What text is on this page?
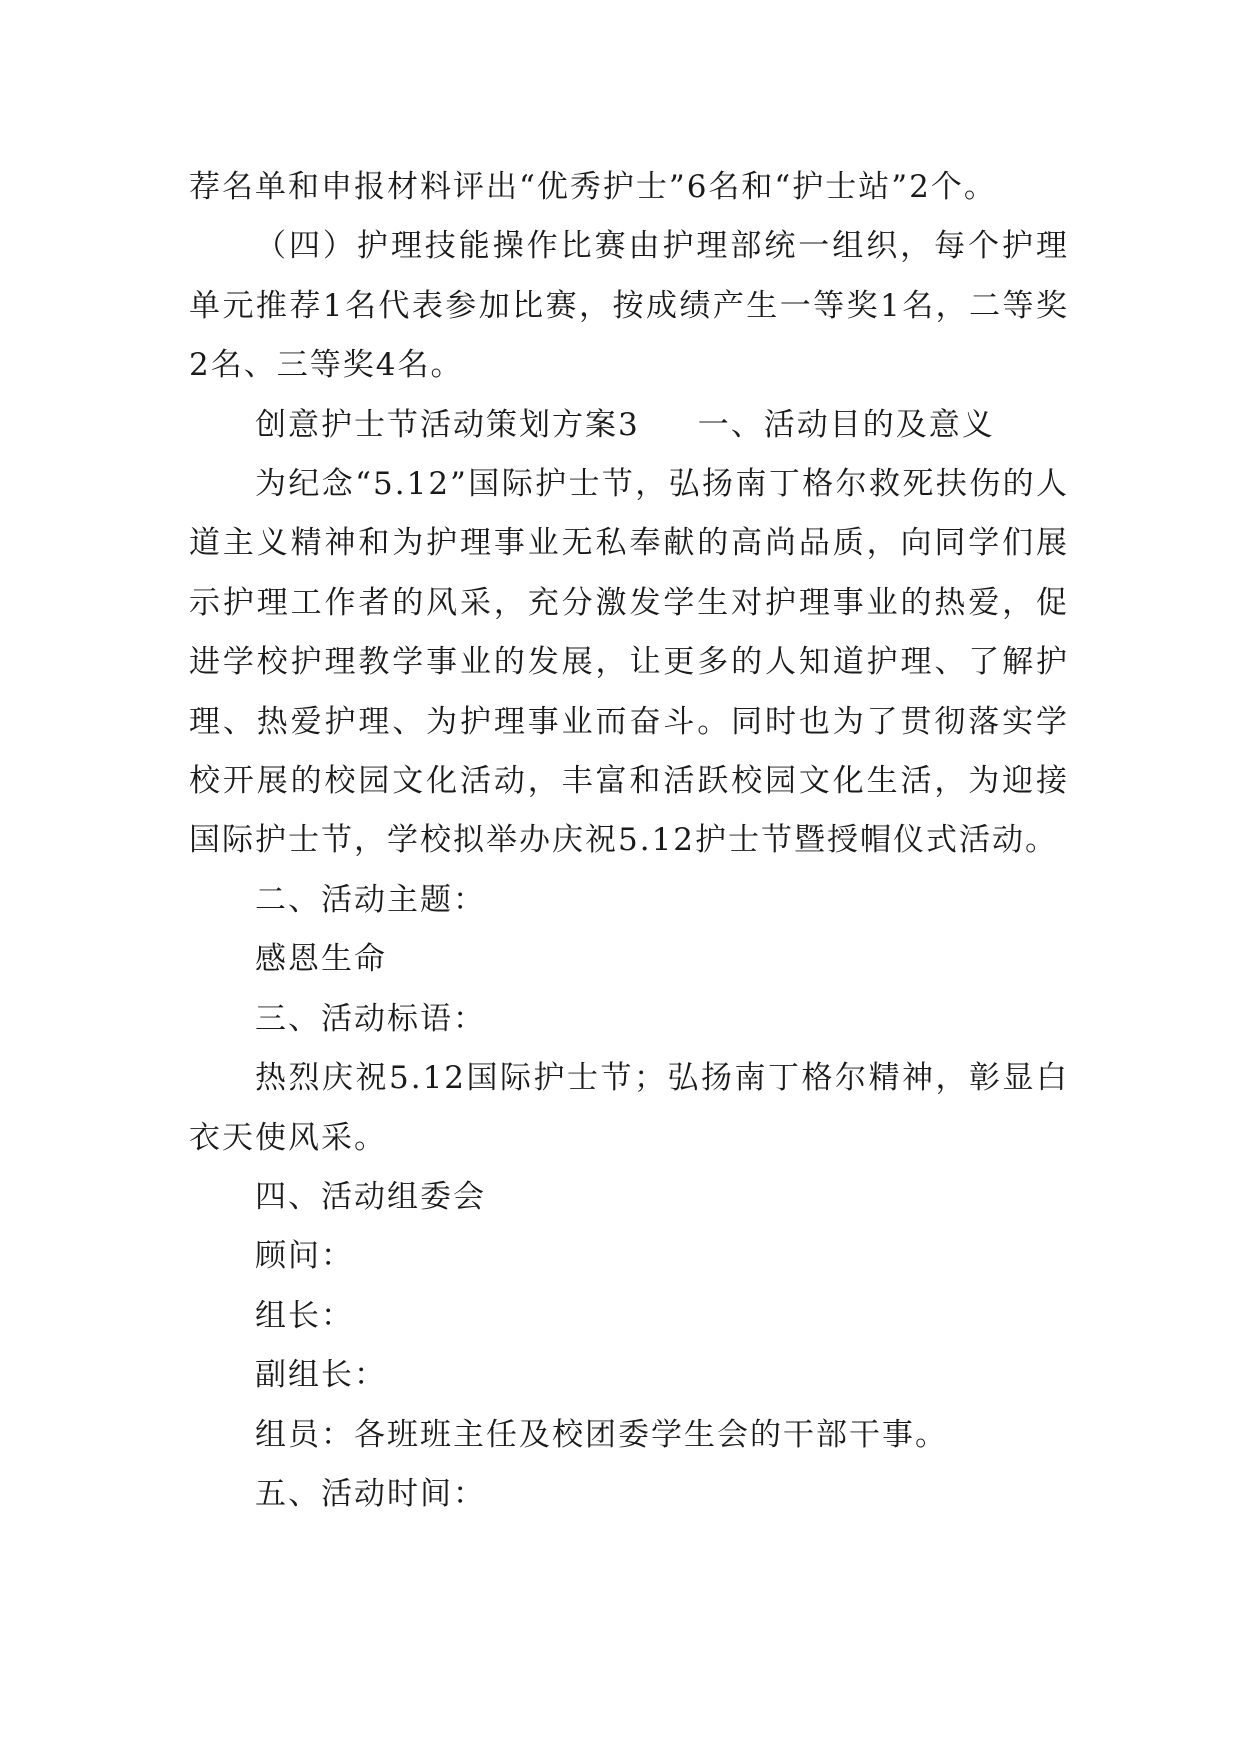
荐名单和申报材料评出“优秀护士”6名和“护士站”2个。

（四）护理技能操作比赛由护理部统一组织，每个护理单元推荐1名代表参加比赛，按成绩产生一等奖1名，二等奖2名、三等奖4名。

创意护士节活动策划方案3 一、活动目的及意义

为纪念“5.12”国际护士节，弘扬南丁格尔救死扶伤的人道主义精神和为护理事业无私奉献的高尚品质，向同学们展示护理工作者的风采，充分激发学生对护理事业的热爱，促进学校护理教学事业的发展，让更多的人知道护理、了解护理、热爱护理、为护理事业而奋斗。同时也为了贯彻落实学校开展的校园文化活动，丰富和活跃校园文化生活，为迎接国际护士节，学校拟举办庆祝5.12护士节暨授帽仪式活动。

二、活动主题：

感恩生命

三、活动标语：

热烈庆祝5.12国际护士节；弘扬南丁格尔精神，彰显白衣天使风采。

四、活动组委会

顾问：

组长：

副组长：

组员：各班班主任及校团委学生会的干部干事。

五、活动时间：
